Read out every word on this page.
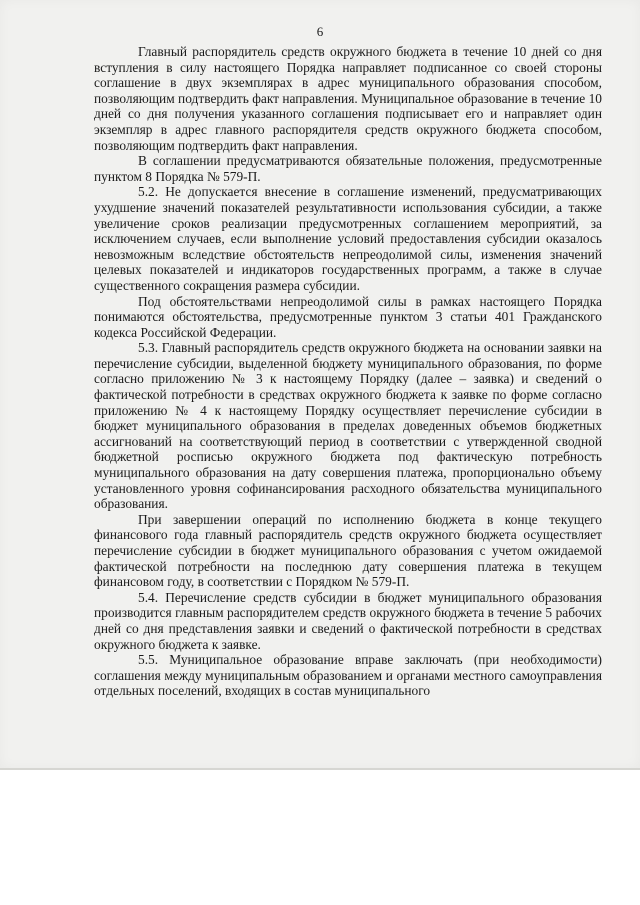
6

Главный распорядитель средств окружного бюджета в течение 10 дней со дня вступления в силу настоящего Порядка направляет подписанное со своей стороны соглашение в двух экземплярах в адрес муниципального образования способом, позволяющим подтвердить факт направления. Муниципальное образование в течение 10 дней со дня получения указанного соглашения подписывает его и направляет один экземпляр в адрес главного распорядителя средств окружного бюджета способом, позволяющим подтвердить факт направления.

В соглашении предусматриваются обязательные положения, предусмотренные пунктом 8 Порядка № 579-П.

5.2. Не допускается внесение в соглашение изменений, предусматривающих ухудшение значений показателей результативности использования субсидии, а также увеличение сроков реализации предусмотренных соглашением мероприятий, за исключением случаев, если выполнение условий предоставления субсидии оказалось невозможным вследствие обстоятельств непреодолимой силы, изменения значений целевых показателей и индикаторов государственных программ, а также в случае существенного сокращения размера субсидии.

Под обстоятельствами непреодолимой силы в рамках настоящего Порядка понимаются обстоятельства, предусмотренные пунктом 3 статьи 401 Гражданского кодекса Российской Федерации.

5.3. Главный распорядитель средств окружного бюджета на основании заявки на перечисление субсидии, выделенной бюджету муниципального образования, по форме согласно приложению № 3 к настоящему Порядку (далее – заявка) и сведений о фактической потребности в средствах окружного бюджета к заявке по форме согласно приложению № 4 к настоящему Порядку осуществляет перечисление субсидии в бюджет муниципального образования в пределах доведенных объемов бюджетных ассигнований на соответствующий период в соответствии с утвержденной сводной бюджетной росписью окружного бюджета под фактическую потребность муниципального образования на дату совершения платежа, пропорционально объему установленного уровня софинансирования расходного обязательства муниципального образования.

При завершении операций по исполнению бюджета в конце текущего финансового года главный распорядитель средств окружного бюджета осуществляет перечисление субсидии в бюджет муниципального образования с учетом ожидаемой фактической потребности на последнюю дату совершения платежа в текущем финансовом году, в соответствии с Порядком № 579-П.

5.4. Перечисление средств субсидии в бюджет муниципального образования производится главным распорядителем средств окружного бюджета в течение 5 рабочих дней со дня представления заявки и сведений о фактической потребности в средствах окружного бюджета к заявке.

5.5. Муниципальное образование вправе заключать (при необходимости) соглашения между муниципальным образованием и органами местного самоуправления отдельных поселений, входящих в состав муниципального
